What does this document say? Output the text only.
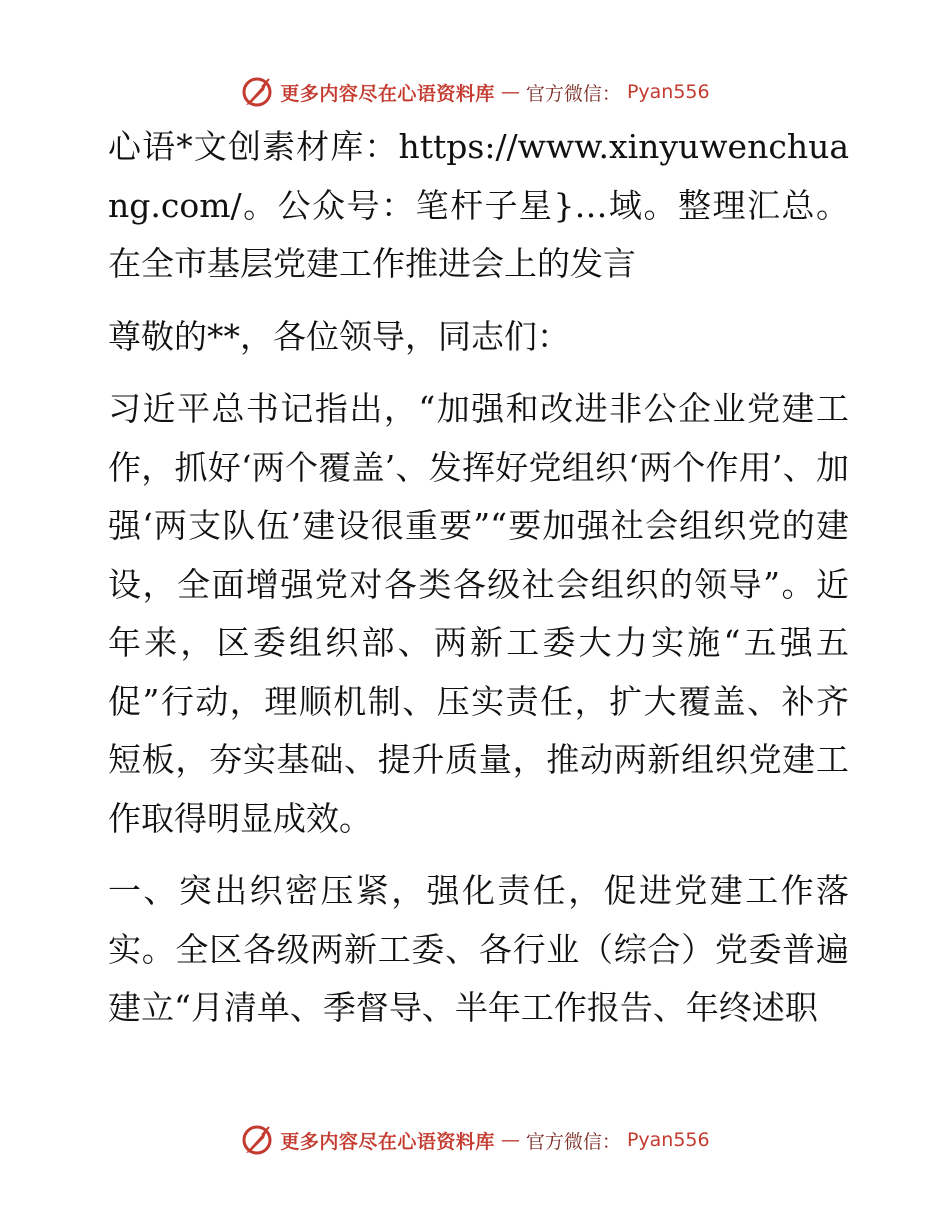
更多内容尽在心语资料库 — 官方微信： Pyan556

心语*文创素材库：https://www.xinyuwenchuang.com/。公众号：笔杆子星}…域。整理汇总。在全市基层党建工作推进会上的发言

尊敬的**，各位领导，同志们：

习近平总书记指出，“加强和改进非公企业党建工作，抓好‘两个覆盖’、发挥好党组织‘两个作用’、加强‘两支队伍’建设很重要”“要加强社会组织党的建设，全面增强党对各类各级社会组织的领导”。近年来，区委组织部、两新工委大力实施“五强五促”行动，理顺机制、压实责任，扩大覆盖、补齐短板，夯实基础、提升质量，推动两新组织党建工作取得明显成效。

一、突出织密压紧，强化责任，促进党建工作落实。全区各级两新工委、各行业（综合）党委普遍建立“月清单、季督导、半年工作报告、年终述职

更多内容尽在心语资料库 — 官方微信： Pyan556
